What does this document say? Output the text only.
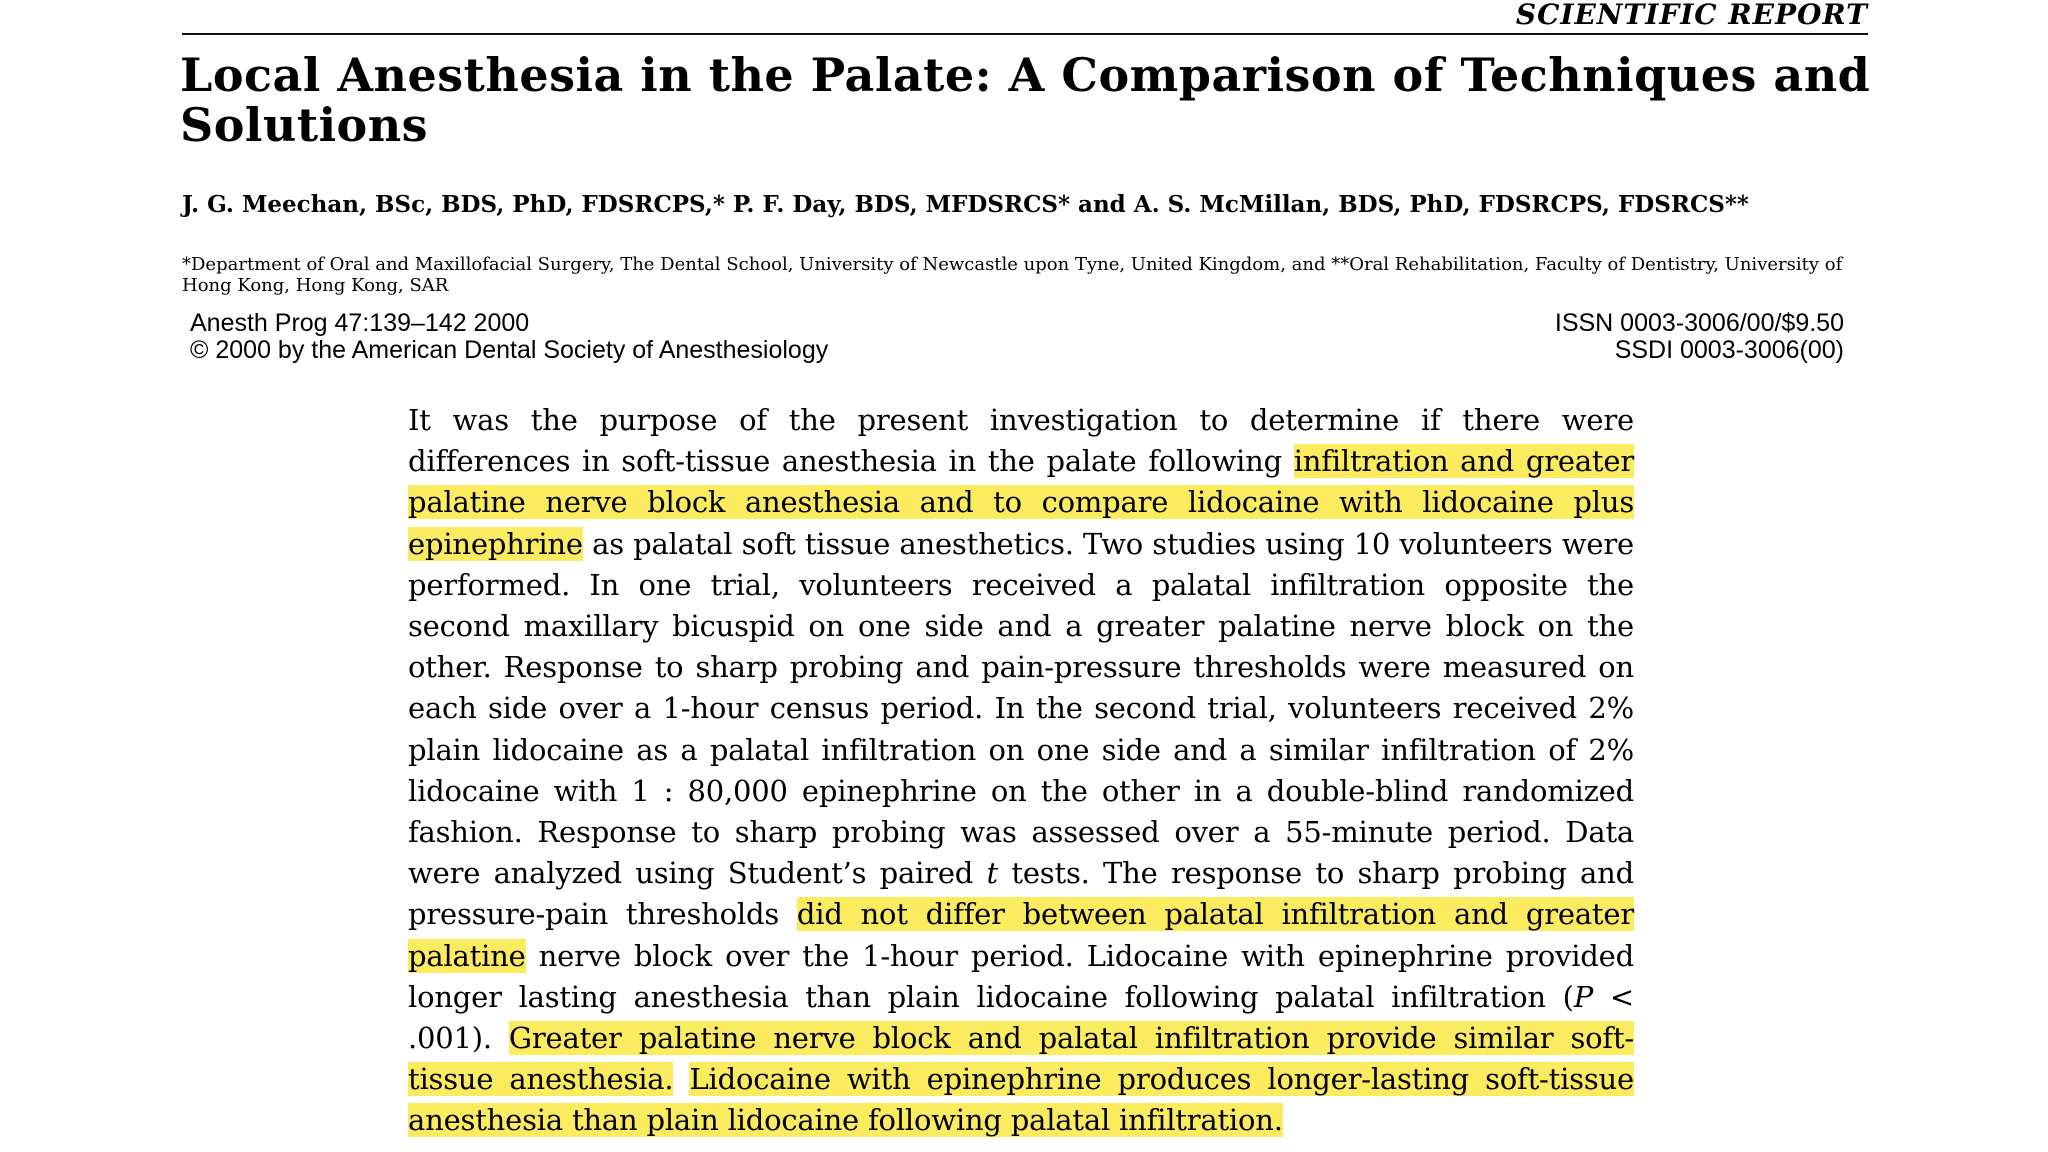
SCIENTIFIC REPORT
Local Anesthesia in the Palate: A Comparison of Techniques and Solutions

J. G. Meechan, BSc, BDS, PhD, FDSRCPS,* P. F. Day, BDS, MFDSRCS* and A. S. McMillan, BDS, PhD, FDSRCPS, FDSRCS**

*Department of Oral and Maxillofacial Surgery, The Dental School, University of Newcastle upon Tyne, United Kingdom, and **Oral Rehabilitation, Faculty of Dentistry, University of Hong Kong, Hong Kong, SAR

Anesth Prog 47:139–142 2000
© 2000 by the American Dental Society of Anesthesiology
ISSN 0003-3006/00/$9.50
SSDI 0003-3006(00)

It was the purpose of the present investigation to determine if there were differences in soft-tissue anesthesia in the palate following infiltration and greater palatine nerve block anesthesia and to compare lidocaine with lidocaine plus epinephrine as palatal soft tissue anesthetics. Two studies using 10 volunteers were performed. In one trial, volunteers received a palatal infiltration opposite the second maxillary bicuspid on one side and a greater palatine nerve block on the other. Response to sharp probing and pain-pressure thresholds were measured on each side over a 1-hour census period. In the second trial, volunteers received 2% plain lidocaine as a palatal infiltration on one side and a similar infiltration of 2% lidocaine with 1 : 80,000 epinephrine on the other in a double-blind randomized fashion. Response to sharp probing was assessed over a 55-minute period. Data were analyzed using Student’s paired t tests. The response to sharp probing and pressure-pain thresholds did not differ between palatal infiltration and greater palatine nerve block over the 1-hour period. Lidocaine with epinephrine provided longer lasting anesthesia than plain lidocaine following palatal infiltration (P < .001). Greater palatine nerve block and palatal infiltration provide similar soft-tissue anesthesia. Lidocaine with epinephrine produces longer-lasting soft-tissue anesthesia than plain lidocaine following palatal infiltration.
